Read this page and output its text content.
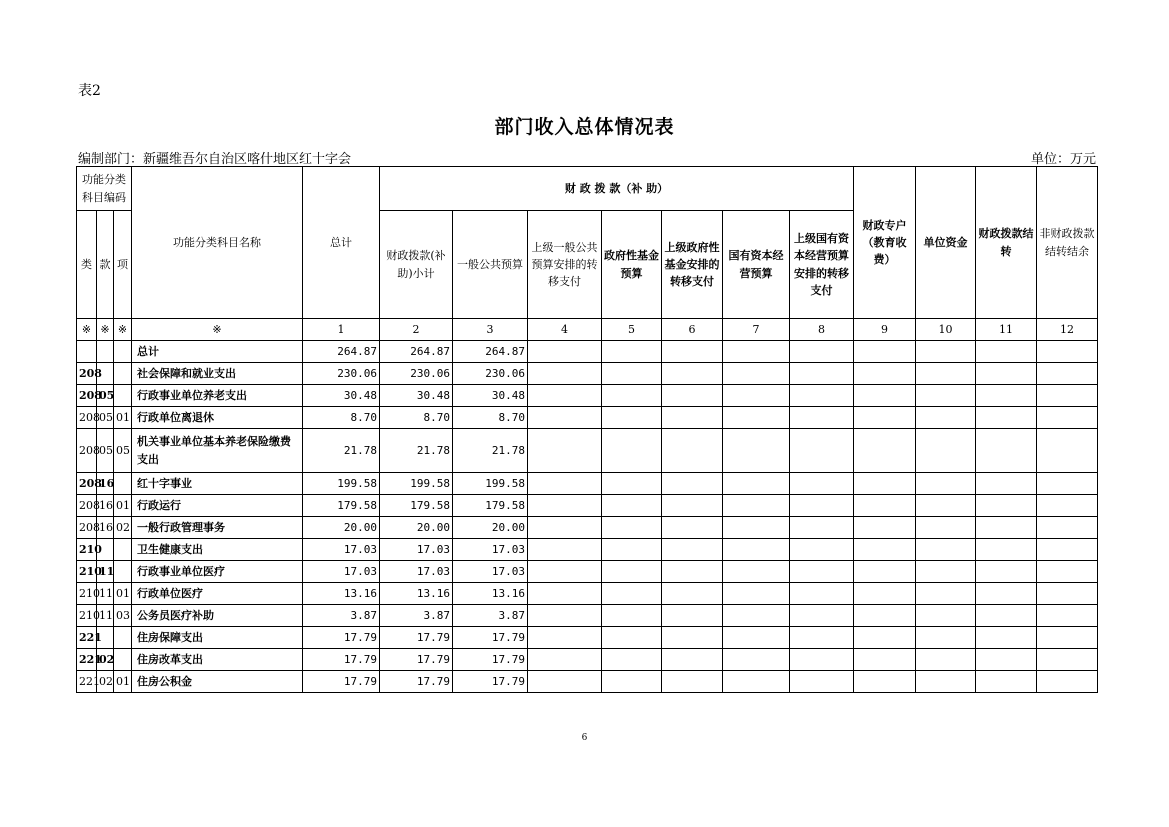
表2
部门收入总体情况表
编制部门：新疆维吾尔自治区喀什地区红十字会	单位：万元
功能分类科目编码			功能分类科目名称	总计	财 政 拨 款（补 助）							财政专户（教育收费）	单位资金	财政拨款结转	非财政拨款结转结余
类	款	项			财政拨款(补助)小计	一般公共预算	上级一般公共预算安排的转移支付	政府性基金预算	上级政府性基金安排的转移支付	国有资本经营预算	上级国有资本经营预算安排的转移支付				
※	※	※	※	1	2	3	4	5	6	7	8	9	10	11	12
			总计	264.87	264.87	264.87									
208			社会保障和就业支出	230.06	230.06	230.06									
208	05		行政事业单位养老支出	30.48	30.48	30.48									
208	05	01	行政单位离退休	8.70	8.70	8.70									
208	05	05	机关事业单位基本养老保险缴费支出	21.78	21.78	21.78									
208	16		红十字事业	199.58	199.58	199.58									
208	16	01	行政运行	179.58	179.58	179.58									
208	16	02	一般行政管理事务	20.00	20.00	20.00									
210			卫生健康支出	17.03	17.03	17.03									
210	11		行政事业单位医疗	17.03	17.03	17.03									
210	11	01	行政单位医疗	13.16	13.16	13.16									
210	11	03	公务员医疗补助	3.87	3.87	3.87									
221			住房保障支出	17.79	17.79	17.79									
221	02		住房改革支出	17.79	17.79	17.79									
221	02	01	住房公积金	17.79	17.79	17.79									
6
